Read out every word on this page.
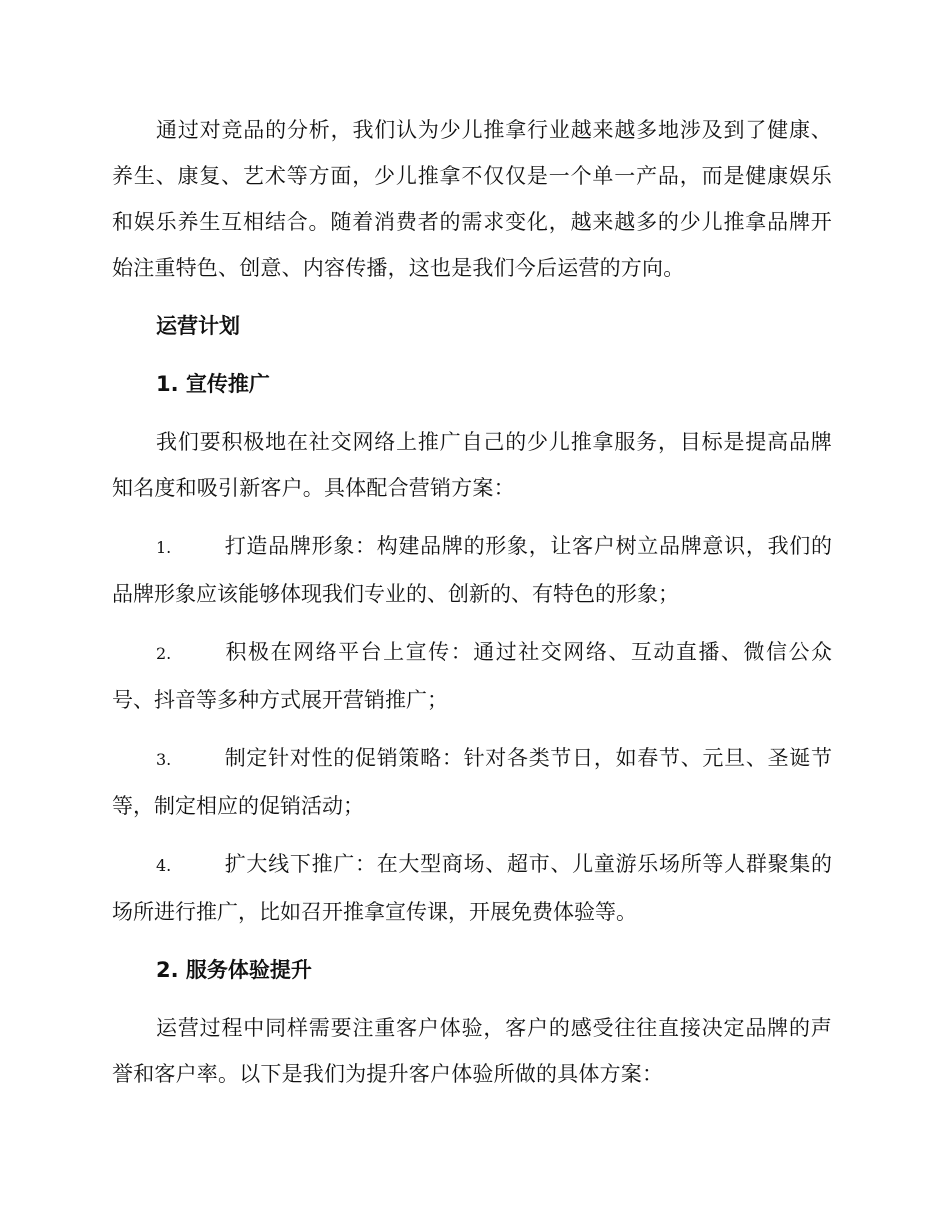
通过对竞品的分析，我们认为少儿推拿行业越来越多地涉及到了健康、养生、康复、艺术等方面，少儿推拿不仅仅是一个单一产品，而是健康娱乐和娱乐养生互相结合。随着消费者的需求变化，越来越多的少儿推拿品牌开始注重特色、创意、内容传播，这也是我们今后运营的方向。

运营计划

1. 宣传推广

我们要积极地在社交网络上推广自己的少儿推拿服务，目标是提高品牌知名度和吸引新客户。具体配合营销方案：

1.	打造品牌形象：构建品牌的形象，让客户树立品牌意识，我们的品牌形象应该能够体现我们专业的、创新的、有特色的形象；

2.	积极在网络平台上宣传：通过社交网络、互动直播、微信公众号、抖音等多种方式展开营销推广；

3.	制定针对性的促销策略：针对各类节日，如春节、元旦、圣诞节等，制定相应的促销活动；

4.	扩大线下推广：在大型商场、超市、儿童游乐场所等人群聚集的场所进行推广，比如召开推拿宣传课，开展免费体验等。

2. 服务体验提升

运营过程中同样需要注重客户体验，客户的感受往往直接决定品牌的声誉和客户率。以下是我们为提升客户体验所做的具体方案：
